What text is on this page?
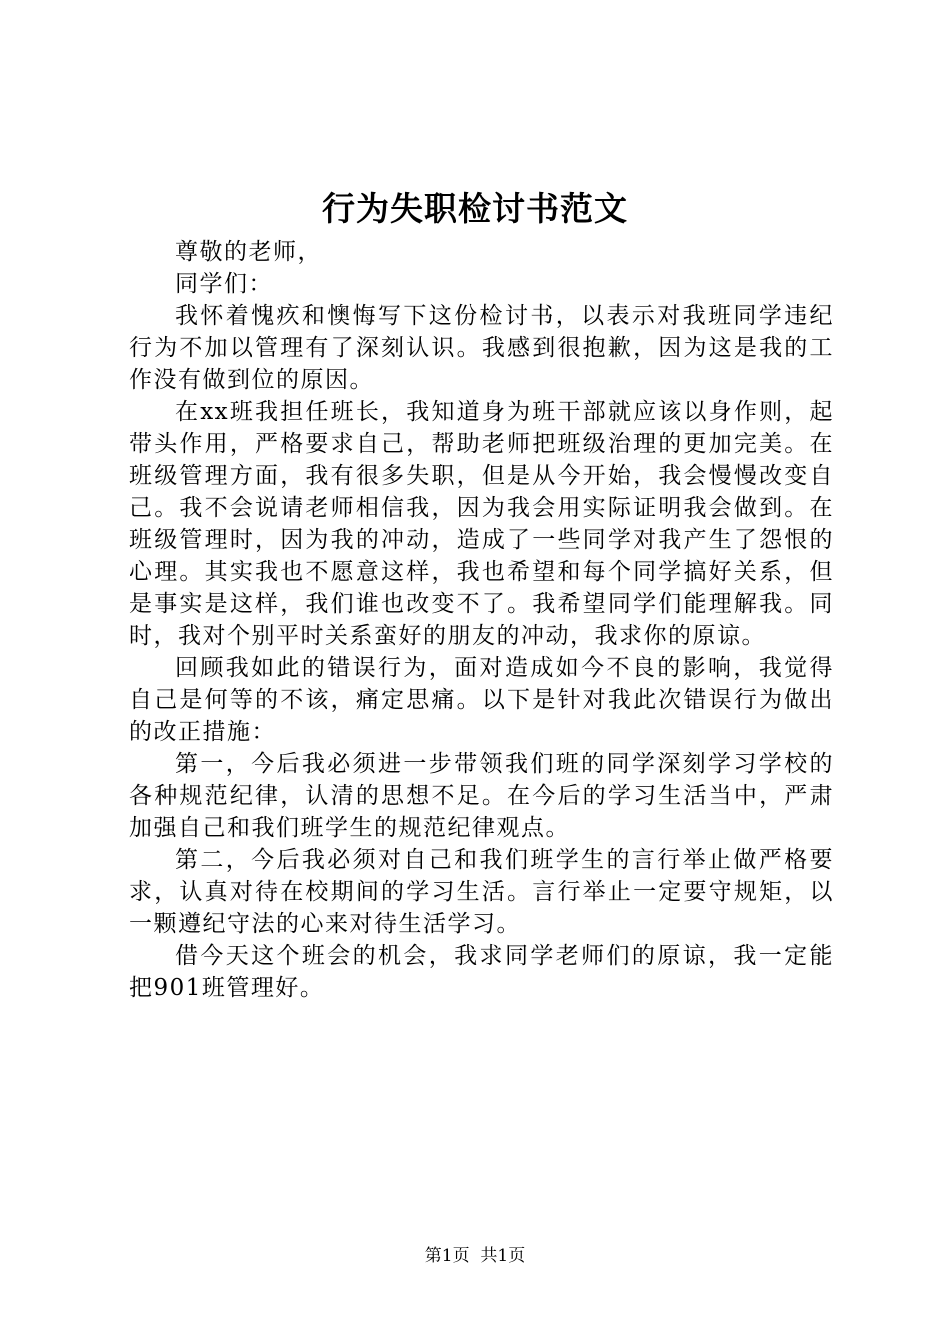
行为失职检讨书范文

尊敬的老师，

同学们：

我怀着愧疚和懊悔写下这份检讨书，以表示对我班同学违纪行为不加以管理有了深刻认识。我感到很抱歉，因为这是我的工作没有做到位的原因。

在xx班我担任班长，我知道身为班干部就应该以身作则，起带头作用，严格要求自己，帮助老师把班级治理的更加完美。在班级管理方面，我有很多失职，但是从今开始，我会慢慢改变自己。我不会说请老师相信我，因为我会用实际证明我会做到。在班级管理时，因为我的冲动，造成了一些同学对我产生了怨恨的心理。其实我也不愿意这样，我也希望和每个同学搞好关系，但是事实是这样，我们谁也改变不了。我希望同学们能理解我。同时，我对个别平时关系蛮好的朋友的冲动，我求你的原谅。

回顾我如此的错误行为，面对造成如今不良的影响，我觉得自己是何等的不该，痛定思痛。以下是针对我此次错误行为做出的改正措施：

第一，今后我必须进一步带领我们班的同学深刻学习学校的各种规范纪律，认清的思想不足。在今后的学习生活当中，严肃加强自己和我们班学生的规范纪律观点。

第二，今后我必须对自己和我们班学生的言行举止做严格要求，认真对待在校期间的学习生活。言行举止一定要守规矩，以一颗遵纪守法的心来对待生活学习。

借今天这个班会的机会，我求同学老师们的原谅，我一定能把901班管理好。

第1页  共1页
